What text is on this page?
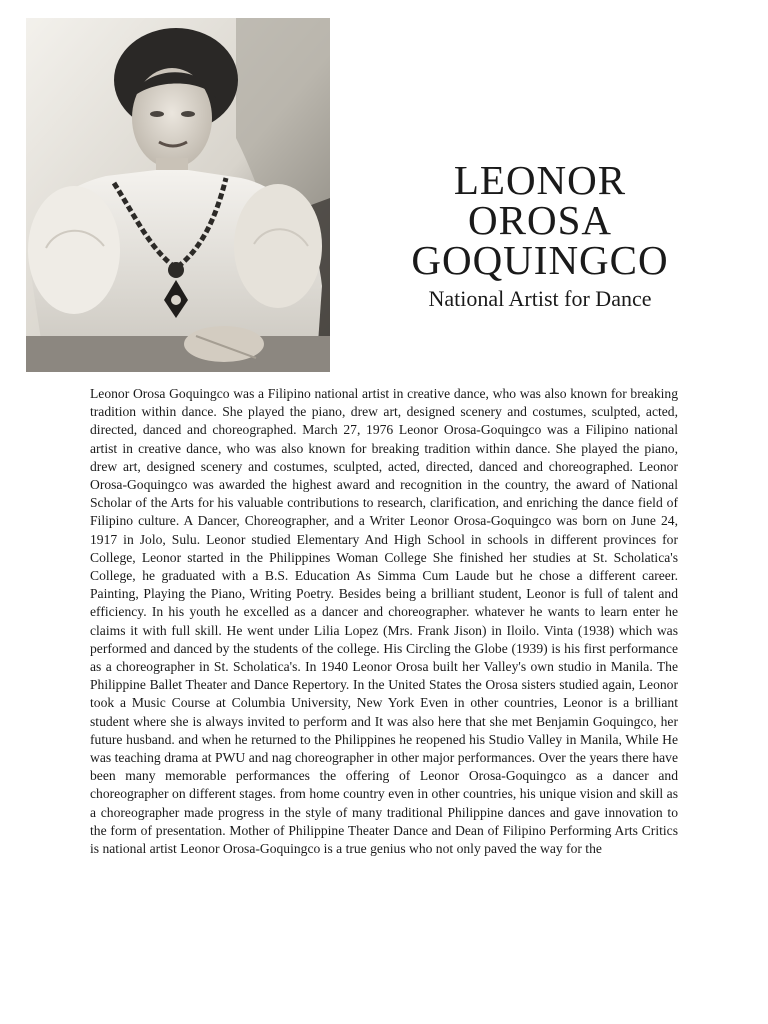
LEONOR
OROSA
GOQUINGCO
National Artist for Dance

Leonor Orosa Goquingco was a Filipino national artist in creative dance, who was also known for breaking tradition within dance. She played the piano, drew art, designed scenery and costumes, sculpted, acted, directed, danced and choreographed. March 27, 1976 Leonor Orosa-Goquingco was a Filipino national artist in creative dance, who was also known for breaking tradition within dance. She played the piano, drew art, designed scenery and costumes, sculpted, acted, directed, danced and choreographed. Leonor Orosa-Goquingco was awarded the highest award and recognition in the country, the award of National Scholar of the Arts for his valuable contributions to research, clarification, and enriching the dance field of Filipino culture. A Dancer, Choreographer, and a Writer Leonor Orosa-Goquingco was born on June 24, 1917 in Jolo, Sulu. Leonor studied Elementary And High School in schools in different provinces for College, Leonor started in the Philippines Woman College She finished her studies at St. Scholatica's College, he graduated with a B.S. Education As Simma Cum Laude but he chose a different career. Painting, Playing the Piano, Writing Poetry. Besides being a brilliant student, Leonor is full of talent and efficiency. In his youth he excelled as a dancer and choreographer. whatever he wants to learn enter he claims it with full skill. He went under Lilia Lopez (Mrs. Frank Jison) in Iloilo. Vinta (1938) which was performed and danced by the students of the college. His Circling the Globe (1939) is his first performance as a choreographer in St. Scholatica's. In 1940 Leonor Orosa built her Valley's own studio in Manila. The Philippine Ballet Theater and Dance Repertory. In the United States the Orosa sisters studied again, Leonor took a Music Course at Columbia University, New York Even in other countries, Leonor is a brilliant student where she is always invited to perform and It was also here that she met Benjamin Goquingco, her future husband. and when he returned to the Philippines he reopened his Studio Valley in Manila, While He was teaching drama at PWU and nag choreographer in other major performances. Over the years there have been many memorable performances the offering of Leonor Orosa-Goquingco as a dancer and choreographer on different stages. from home country even in other countries, his unique vision and skill as a choreographer made progress in the style of many traditional Philippine dances and gave innovation to the form of presentation. Mother of Philippine Theater Dance and Dean of Filipino Performing Arts Critics is national artist Leonor Orosa-Goquingco is a true genius who not only paved the way for the
